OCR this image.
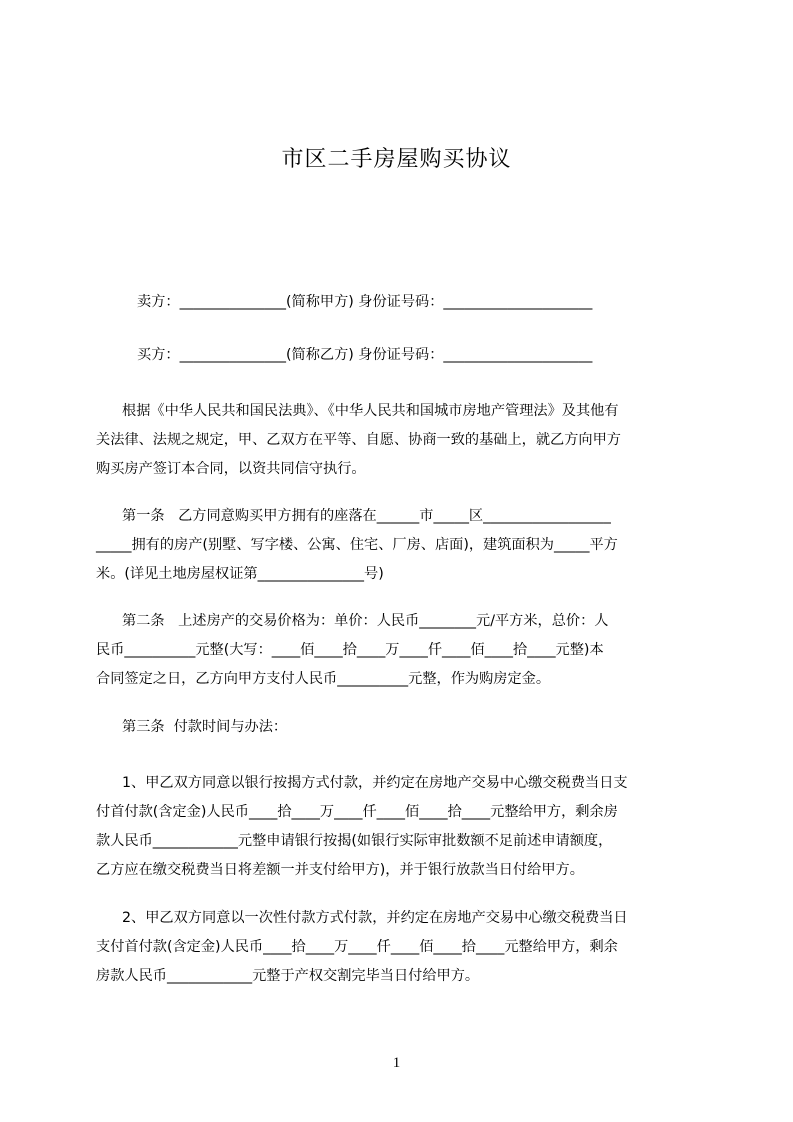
市区二手房屋购买协议
卖方：_______________(简称甲方) 身份证号码：_____________________
买方：_______________(简称乙方) 身份证号码：_____________________
根据《中华人民共和国民法典》、《中华人民共和国城市房地产管理法》及其他有
关法律、法规之规定，甲、乙双方在平等、自愿、协商一致的基础上，就乙方向甲方
购买房产签订本合同，以资共同信守执行。
第一条   乙方同意购买甲方拥有的座落在______市_____区__________________
_____拥有的房产(别墅、写字楼、公寓、住宅、厂房、店面)，建筑面积为_____平方
米。(详见土地房屋权证第_______________号)
第二条   上述房产的交易价格为：单价：人民币________元/平方米，总价：人
民币__________元整(大写：____佰____拾____万____仟____佰____拾____元整)本
合同签定之日，乙方向甲方支付人民币__________元整，作为购房定金。
第三条  付款时间与办法：
1、甲乙双方同意以银行按揭方式付款，并约定在房地产交易中心缴交税费当日支
付首付款(含定金)人民币____拾____万____仟____佰____拾____元整给甲方，剩余房
款人民币____________元整申请银行按揭(如银行实际审批数额不足前述申请额度，
乙方应在缴交税费当日将差额一并支付给甲方)，并于银行放款当日付给甲方。
2、甲乙双方同意以一次性付款方式付款，并约定在房地产交易中心缴交税费当日
支付首付款(含定金)人民币____拾____万____仟____佰____拾____元整给甲方，剩余
房款人民币____________元整于产权交割完毕当日付给甲方。
1
